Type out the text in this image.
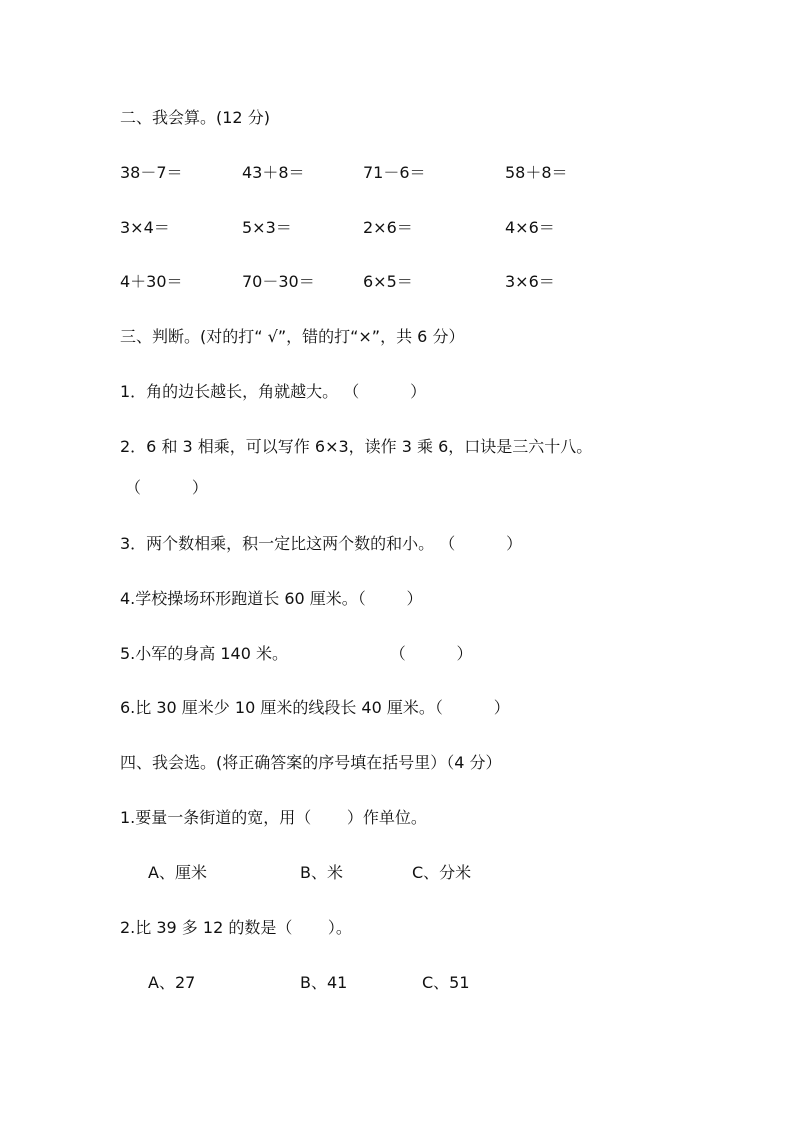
二、我会算。(12 分)
38－7＝	43＋8＝	71－6＝	58＋8＝
3×4＝	5×3＝	2×6＝	4×6＝
4＋30＝	70－30＝	6×5＝	3×6＝
三、判断。(对的打“ √”，错的打“×”，共 6 分）
1．角的边长越长，角就越大。 （          ）
2．6 和 3 相乘，可以写作 6×3，读作 3 乘 6，口诀是三六十八。
（          ）
3．两个数相乘，积一定比这两个数的和小。 （          ）
4.学校操场环形跑道长 60 厘米。（        ）
5.小军的身高 140 米。                    （          ）
6.比 30 厘米少 10 厘米的线段长 40 厘米。（          ）
四、我会选。(将正确答案的序号填在括号里）（4 分）
1.要量一条街道的宽，用（       ）作单位。
A、厘米	B、米	C、分米
2.比 39 多 12 的数是（       ）。
A、27	B、41	C、51
